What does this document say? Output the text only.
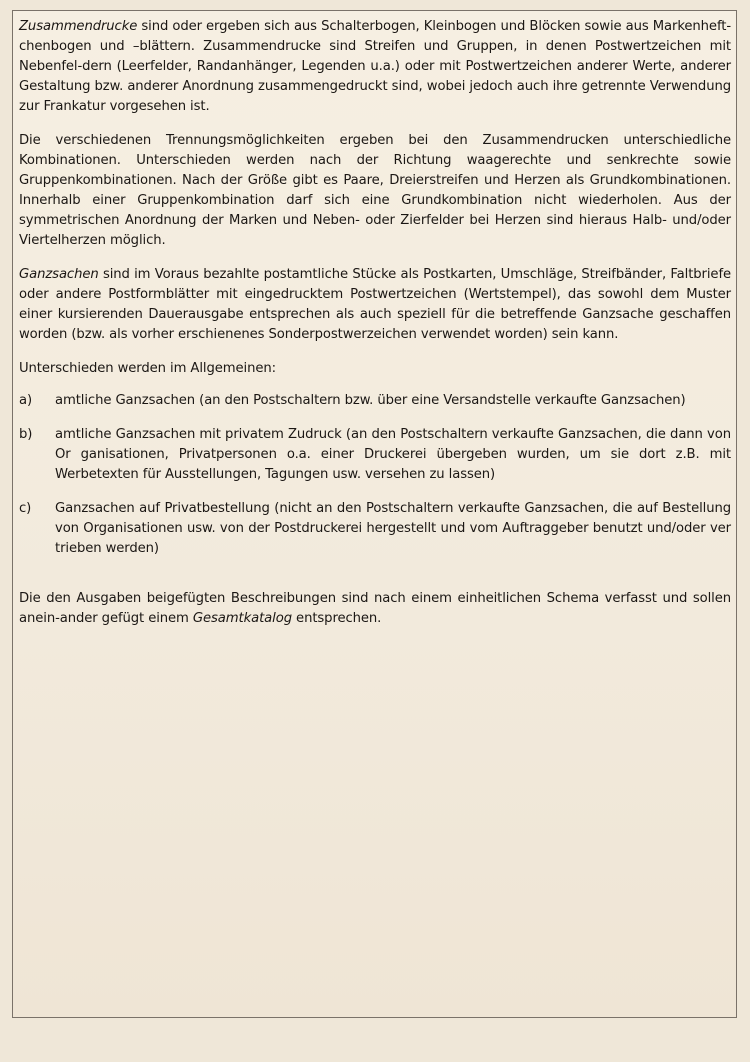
Zusammendrucke sind oder ergeben sich aus Schalterbogen, Kleinbogen und Blöcken sowie aus Markenheft-chenbogen und –blättern. Zusammendrucke sind Streifen und Gruppen, in denen Postwertzeichen mit Nebenfel-dern (Leerfelder, Randanhänger, Legenden u.a.) oder mit Postwertzeichen anderer Werte, anderer Gestaltung bzw. anderer Anordnung zusammengedruckt sind, wobei jedoch auch ihre getrennte Verwendung zur Frankatur vorgesehen ist.

Die verschiedenen Trennungsmöglichkeiten ergeben bei den Zusammendrucken unterschiedliche Kombinationen. Unterschieden werden nach der Richtung waagerechte und senkrechte sowie Gruppenkombinationen. Nach der Größe gibt es Paare, Dreierstreifen und Herzen als Grundkombinationen. Innerhalb einer Gruppenkombination darf sich eine Grundkombination nicht wiederholen. Aus der symmetrischen Anordnung der Marken und Neben- oder Zierfelder bei Herzen sind hieraus Halb- und/oder Viertelherzen möglich.

Ganzsachen sind im Voraus bezahlte postamtliche Stücke als Postkarten, Umschläge, Streifbänder, Faltbriefe oder andere Postformblätter mit eingedrucktem Postwertzeichen (Wertstempel), das sowohl dem Muster einer kursierenden Dauerausgabe entsprechen als auch speziell für die betreffende Ganzsache geschaffen worden (bzw. als vorher erschienenes Sonderpostwerzeichen verwendet worden) sein kann.

Unterschieden werden im Allgemeinen:

a)	amtliche Ganzsachen (an den Postschaltern bzw. über eine Versandstelle verkaufte Ganzsachen)
b)	amtliche Ganzsachen mit privatem Zudruck (an den Postschaltern verkaufte Ganzsachen, die dann von Or ganisationen, Privatpersonen o.a. einer Druckerei übergeben wurden, um sie dort z.B. mit Werbetexten für Ausstellungen, Tagungen usw. versehen zu lassen)
c)	Ganzsachen auf Privatbestellung (nicht an den Postschaltern verkaufte Ganzsachen, die auf Bestellung von Organisationen usw. von der Postdruckerei hergestellt und vom Auftraggeber benutzt und/oder ver trieben werden)

Die den Ausgaben beigefügten Beschreibungen sind nach einem einheitlichen Schema verfasst und sollen anein-ander gefügt einem Gesamtkatalog entsprechen.
